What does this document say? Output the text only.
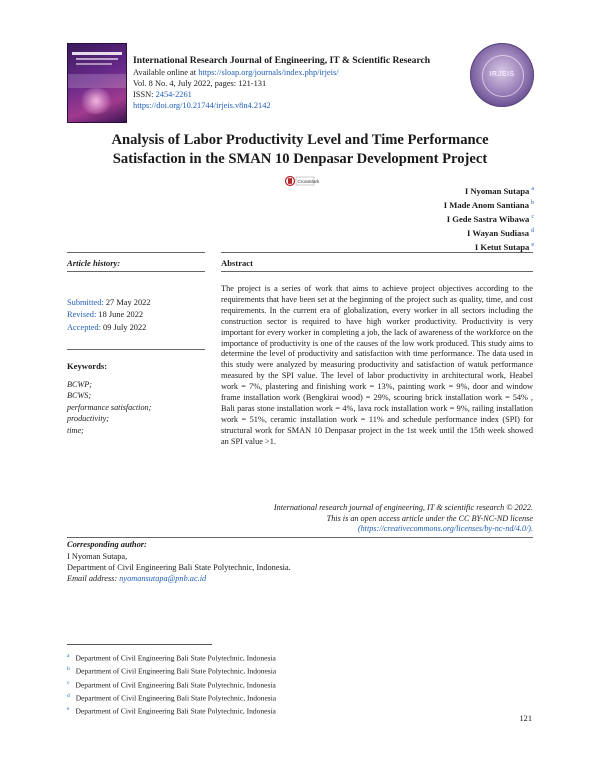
International Research Journal of Engineering, IT & Scientific Research
Available online at https://sloap.org/journals/index.php/irjeis/
Vol. 8 No. 4, July 2022, pages: 121-131
ISSN: 2454-2261
https://doi.org/10.21744/irjeis.v8n4.2142
IRJEIS
Analysis of Labor Productivity Level and Time Performance
Satisfaction in the SMAN 10 Denpasar Development Project
CrossMark
I Nyoman Sutapa $^a$
I Made Anom Santiana $^b$
I Gede Sastra Wibawa $^c$
I Wayan Sudiasa $^d$
I Ketut Sutapa $^e$
Article history:	Abstract
Submitted: 27 May 2022
Revised: 18 June 2022
Accepted: 09 July 2022
Keywords:
BCWP;
BCWS;
performance satisfaction;
productivity;
time;
The project is a series of work that aims to achieve project objectives according to the requirements that have been set at the beginning of the project such as quality, time, and cost requirements. In the current era of globalization, every worker in all sectors including the construction sector is required to have high worker productivity. Productivity is very important for every worker in completing a job, the lack of awareness of the workforce on the importance of productivity is one of the causes of the low work produced. This study aims to determine the level of productivity and satisfaction with time performance. The data used in this study were analyzed by measuring productivity and satisfaction of watuk performance measured by the SPI value. The level of labor productivity in architectural work, Heabel work = 7%, plastering and finishing work = 13%, painting work = 9%, door and window frame installation work (Bengkirai wood) = 29%, scouring brick installation work = 54% , Bali paras stone installation work = 4%, lava rock installation work = 9%, railing installation work = 51%, ceramic installation work = 11% and schedule performance index (SPI) for structural work for SMAN 10 Denpasar project in the 1st week until the 15th week showed an SPI value >1.
International research journal of engineering, IT & scientific research © 2022.
This is an open access article under the CC BY-NC-ND license
(https://creativecommons.org/licenses/by-nc-nd/4.0/).
Corresponding author:
I Nyoman Sutapa,
Department of Civil Engineering Bali State Polytechnic, Indonesia.
Email address: nyomansutapa@pnb.ac.id
$^a$ Department of Civil Engineering Bali State Polytechnic, Indonesia
$^b$ Department of Civil Engineering Bali State Polytechnic, Indonesia
$^c$ Department of Civil Engineering Bali State Polytechnic, Indonesia
$^d$ Department of Civil Engineering Bali State Polytechnic, Indonesia
$^e$ Department of Civil Engineering Bali State Polytechnic, Indonesia
121
